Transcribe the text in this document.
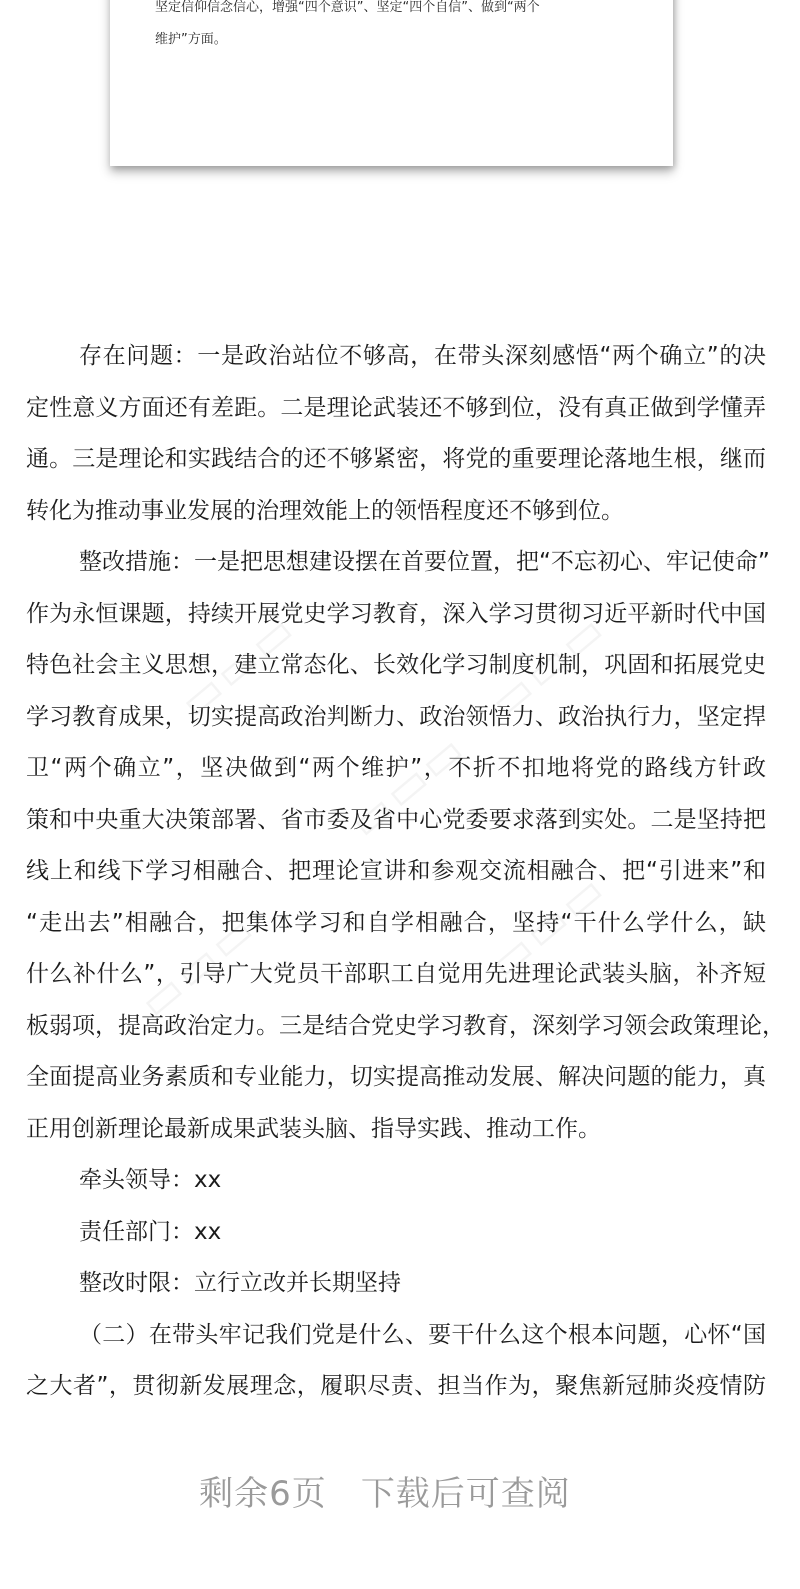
坚定信仰信念信心，增强“四个意识”、坚定“四个自信”、做到“两个
维护”方面。
▭▭▭	▭▭▭
▭▭▭
▭▭▭	▭▭▭
存在问题：一是政治站位不够高，在带头深刻感悟“两个确立”的决
定性意义方面还有差距。二是理论武装还不够到位，没有真正做到学懂弄
通。三是理论和实践结合的还不够紧密，将党的重要理论落地生根，继而
转化为推动事业发展的治理效能上的领悟程度还不够到位。
整改措施：一是把思想建设摆在首要位置，把“不忘初心、牢记使命”
作为永恒课题，持续开展党史学习教育，深入学习贯彻习近平新时代中国
特色社会主义思想，建立常态化、长效化学习制度机制，巩固和拓展党史
学习教育成果，切实提高政治判断力、政治领悟力、政治执行力，坚定捍
卫“两个确立”，坚决做到“两个维护”，不折不扣地将党的路线方针政
策和中央重大决策部署、省市委及省中心党委要求落到实处。二是坚持把
线上和线下学习相融合、把理论宣讲和参观交流相融合、把“引进来”和
“走出去”相融合，把集体学习和自学相融合，坚持“干什么学什么，缺
什么补什么”，引导广大党员干部职工自觉用先进理论武装头脑，补齐短
板弱项，提高政治定力。三是结合党史学习教育，深刻学习领会政策理论，
全面提高业务素质和专业能力，切实提高推动发展、解决问题的能力，真
正用创新理论最新成果武装头脑、指导实践、推动工作。
牵头领导：xx
责任部门：xx
整改时限：立行立改并长期坚持
（二）在带头牢记我们党是什么、要干什么这个根本问题，心怀“国
之大者”，贯彻新发展理念，履职尽责、担当作为，聚焦新冠肺炎疫情防
剩余6页 下载后可查阅
